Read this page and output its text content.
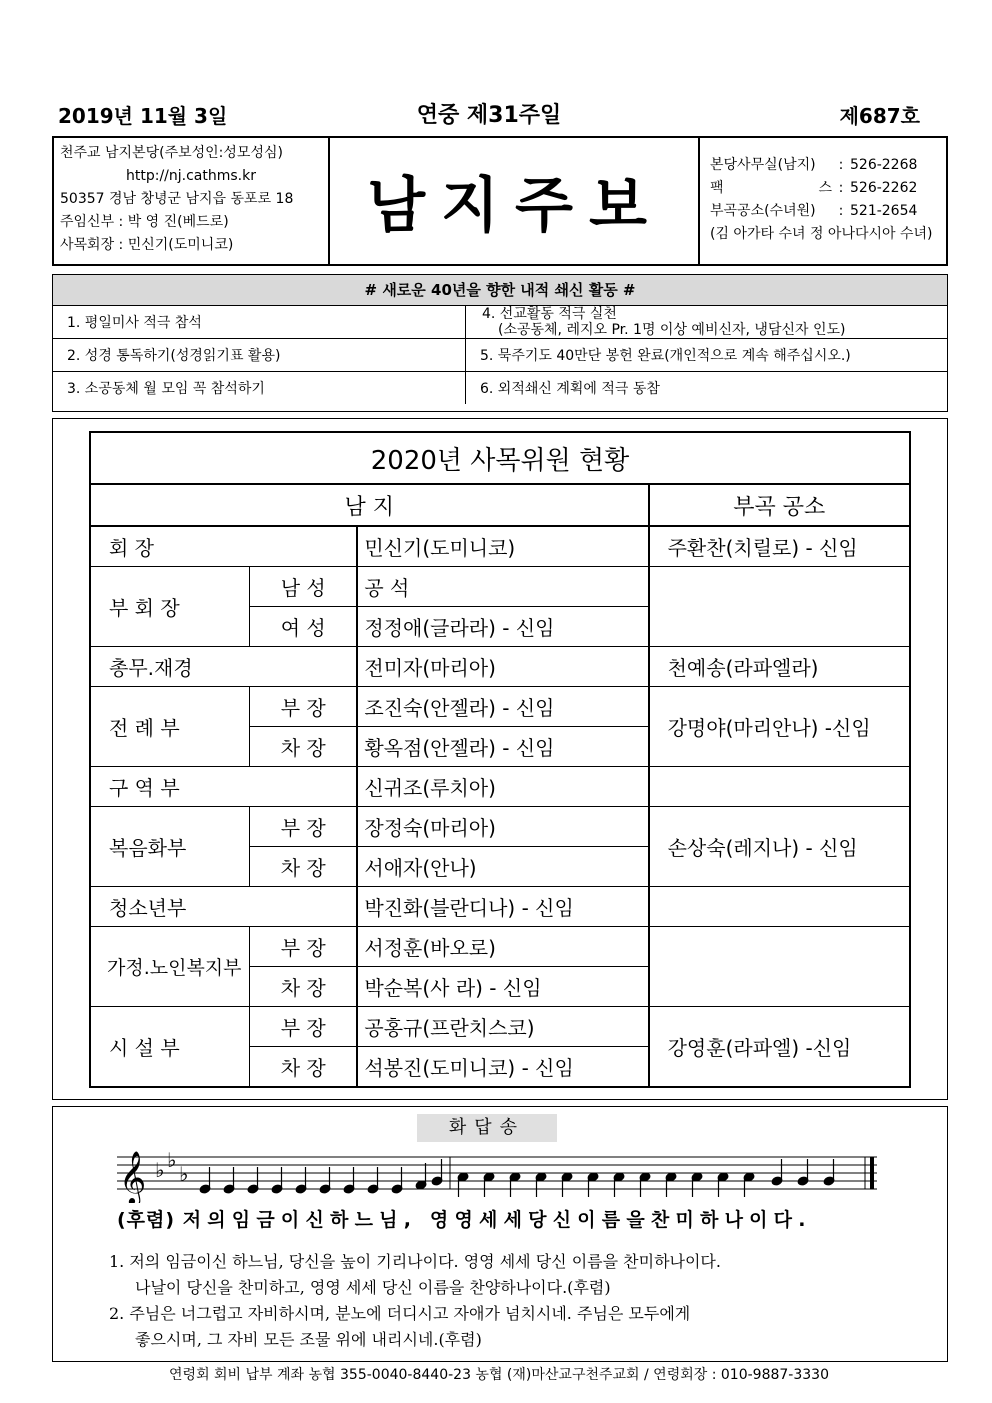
2019년 11월 3일	연중 제31주일	제687호
천주교 남지본당(주보성인:성모성심)
http://nj.cathms.kr
50357 경남 창녕군 남지읍 동포로 18
주임신부 : 박 영 진(베드로)
사목회장 : 민신기(도미니코)
남지주보
본당사무실(남지)	: 526-2268
팩	스 : 526-2262
부곡공소(수녀원)	: 521-2654
(김 아가타 수녀 정 아나다시아 수녀)
# 새로운 40년을 향한 내적 쇄신 활동 #
1. 평일미사 적극 참석	4. 선교활동 적극 실천
(소공동체, 레지오 Pr. 1명 이상 예비신자, 냉담신자 인도)

2. 성경 통독하기(성경읽기표 활용)	5. 묵주기도 40만단 봉헌 완료(개인적으로 계속 해주십시오.)
3. 소공동체 월 모임 꼭 참석하기	6. 외적쇄신 계획에 적극 동참
2020년 사목위원 현황			
남 지			부곡 공소
회 장		민신기(도미니코)	주환찬(치릴로) - 신임
부 회 장	남 성	공 석	
	여 성	정정애(글라라) - 신임	
총무.재경		전미자(마리아)	천예송(라파엘라)
전 례 부	부 장	조진숙(안젤라) - 신임	강명야(마리안나) -신임
	차 장	황옥점(안젤라) - 신임	
구 역 부		신귀조(루치아)	
복음화부	부 장	장정숙(마리아)	손상숙(레지나) - 신임
	차 장	서애자(안나)	
청소년부		박진화(블란디나) - 신임	
가정.노인복지부	부 장	서정훈(바오로)	
	차 장	박순복(사 라) - 신임	
시 설 부	부 장	공홍규(프란치스코)	강영훈(라파엘) -신임
	차 장	석봉진(도미니코) - 신임	
화답송
𝄞 ♭ ♭
♭
(후렴) 저의임금이신하느님, 영영세세당신이름을찬미하나이다.

1. 저의 임금이신 하느님, 당신을 높이 기리나이다. 영영 세세 당신 이름을 찬미하나이다.

나날이 당신을 찬미하고, 영영 세세 당신 이름을 찬양하나이다.(후렴)

2. 주님은 너그럽고 자비하시며, 분노에 더디시고 자애가 넘치시네. 주님은 모두에게

좋으시며, 그 자비 모든 조물 위에 내리시네.(후렴)

연령회 회비 납부 계좌 농협 355-0040-8440-23 농협 (재)마산교구천주교회 / 연령회장 : 010-9887-3330
